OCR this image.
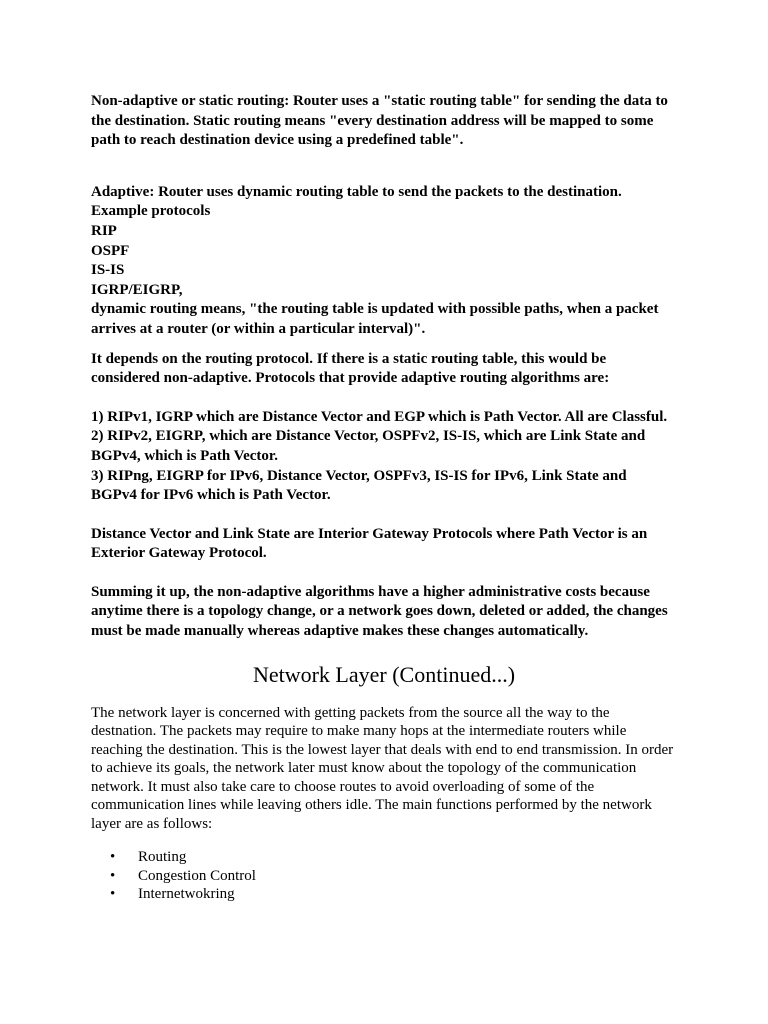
Non-adaptive or static routing: Router uses a "static routing table" for sending the data to
the destination. Static routing means "every destination address will be mapped to some
path to reach destination device using a predefined table".

Adaptive: Router uses dynamic routing table to send the packets to the destination.
Example protocols
RIP
OSPF
IS-IS
IGRP/EIGRP,
dynamic routing means, "the routing table is updated with possible paths, when a packet
arrives at a router (or within a particular interval)".

It depends on the routing protocol. If there is a static routing table, this would be
considered non-adaptive. Protocols that provide adaptive routing algorithms are:

1) RIPv1, IGRP which are Distance Vector and EGP which is Path Vector. All are Classful.
2) RIPv2, EIGRP, which are Distance Vector, OSPFv2, IS-IS, which are Link State and
BGPv4, which is Path Vector.
3) RIPng, EIGRP for IPv6, Distance Vector, OSPFv3, IS-IS for IPv6, Link State and
BGPv4 for IPv6 which is Path Vector.

Distance Vector and Link State are Interior Gateway Protocols where Path Vector is an
Exterior Gateway Protocol.

Summing it up, the non-adaptive algorithms have a higher administrative costs because
anytime there is a topology change, or a network goes down, deleted or added, the changes
must be made manually whereas adaptive makes these changes automatically.

Network Layer (Continued...)

The network layer is concerned with getting packets from the source all the way to the
destnation. The packets may require to make many hops at the intermediate routers while
reaching the destination. This is the lowest layer that deals with end to end transmission. In order
to achieve its goals, the network later must know about the topology of the communication
network. It must also take care to choose routes to avoid overloading of some of the
communication lines while leaving others idle. The main functions performed by the network
layer are as follows:

• Routing
• Congestion Control
• Internetwokring
